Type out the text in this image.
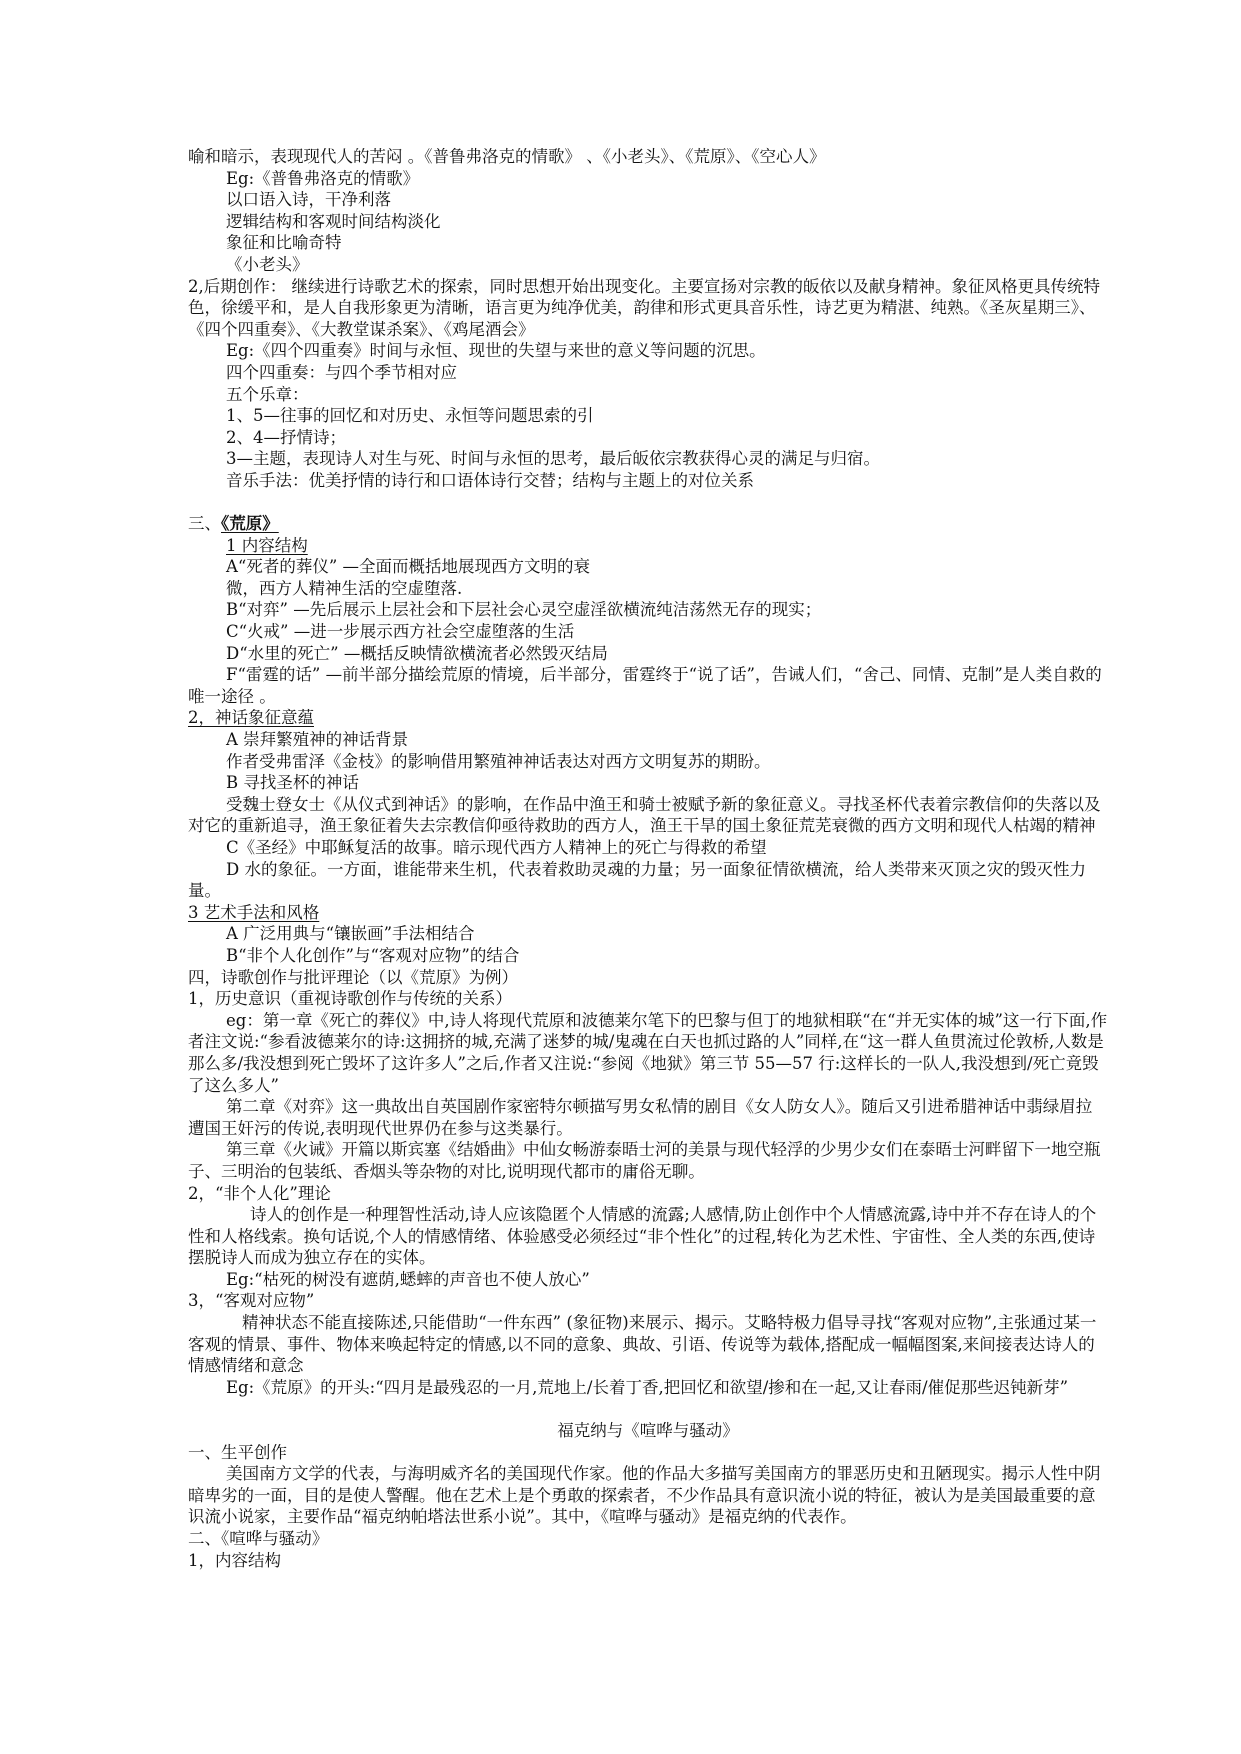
喻和暗示，表现现代人的苦闷 。《普鲁弗洛克的情歌》 、《小老头》、《荒原》、《空心人》

Eg:《普鲁弗洛克的情歌》

以口语入诗，干净利落

逻辑结构和客观时间结构淡化

象征和比喻奇特

《小老头》

2,后期创作： 继续进行诗歌艺术的探索，同时思想开始出现变化。主要宣扬对宗教的皈依以及献身精神。象征风格更具传统特色，徐缓平和，是人自我形象更为清晰，语言更为纯净优美，韵律和形式更具音乐性，诗艺更为精湛、纯熟。《圣灰星期三》、《四个四重奏》、《大教堂谋杀案》、《鸡尾酒会》

Eg:《四个四重奏》时间与永恒、现世的失望与来世的意义等问题的沉思。

四个四重奏：与四个季节相对应

五个乐章：

1、5—往事的回忆和对历史、永恒等问题思索的引

2、4—抒情诗；

3—主题，表现诗人对生与死、时间与永恒的思考，最后皈依宗教获得心灵的满足与归宿。

音乐手法：优美抒情的诗行和口语体诗行交替；结构与主题上的对位关系

三、《荒原》

1 内容结构

A“死者的葬仪” —全面而概括地展现西方文明的衰

微，西方人精神生活的空虚堕落.

B“对弈” —先后展示上层社会和下层社会心灵空虚淫欲横流纯洁荡然无存的现实；

C“火戒” —进一步展示西方社会空虚堕落的生活

D“水里的死亡” —概括反映情欲横流者必然毁灭结局

F“雷霆的话” —前半部分描绘荒原的情境，后半部分，雷霆终于“说了话”，告诫人们，“舍己、同情、克制”是人类自救的唯一途径 。

2，神话象征意蕴

A 崇拜繁殖神的神话背景

作者受弗雷泽《金枝》的影响借用繁殖神神话表达对西方文明复苏的期盼。

B 寻找圣杯的神话

受魏士登女士《从仪式到神话》的影响，在作品中渔王和骑士被赋予新的象征意义。寻找圣杯代表着宗教信仰的失落以及对它的重新追寻，渔王象征着失去宗教信仰亟待救助的西方人，渔王干旱的国土象征荒芜衰微的西方文明和现代人枯竭的精神

C《圣经》中耶稣复活的故事。暗示现代西方人精神上的死亡与得救的希望

D 水的象征。一方面，谁能带来生机，代表着救助灵魂的力量；另一面象征情欲横流，给人类带来灭顶之灾的毁灭性力量。

3 艺术手法和风格

A 广泛用典与“镶嵌画”手法相结合

B“非个人化创作”与“客观对应物”的结合

四，诗歌创作与批评理论（以《荒原》为例）

1，历史意识（重视诗歌创作与传统的关系）

eg：第一章《死亡的葬仪》中,诗人将现代荒原和波德莱尔笔下的巴黎与但丁的地狱相联“在“并无实体的城”这一行下面,作者注文说:“参看波德莱尔的诗:这拥挤的城,充满了迷梦的城/鬼魂在白天也抓过路的人”同样,在“这一群人鱼贯流过伦敦桥,人数是那么多/我没想到死亡毁坏了这许多人”之后,作者又注说:“参阅《地狱》第三节 55—57 行:这样长的一队人,我没想到/死亡竟毁了这么多人”

第二章《对弈》这一典故出自英国剧作家密特尔顿描写男女私情的剧目《女人防女人》。随后又引进希腊神话中翡绿眉拉遭国王奸污的传说,表明现代世界仍在参与这类暴行。

第三章《火诫》开篇以斯宾塞《结婚曲》中仙女畅游泰晤士河的美景与现代轻浮的少男少女们在泰晤士河畔留下一地空瓶子、三明治的包装纸、香烟头等杂物的对比,说明现代都市的庸俗无聊。

2，“非个人化”理论

诗人的创作是一种理智性活动,诗人应该隐匿个人情感的流露;人感情,防止创作中个人情感流露,诗中并不存在诗人的个性和人格线索。换句话说,个人的情感情绪、体验感受必须经过“非个性化”的过程,转化为艺术性、宇宙性、全人类的东西,使诗摆脱诗人而成为独立存在的实体。

Eg:“枯死的树没有遮荫,蟋蟀的声音也不使人放心”

3，“客观对应物”

精神状态不能直接陈述,只能借助“一件东西” (象征物)来展示、揭示。艾略特极力倡导寻找“客观对应物”,主张通过某一客观的情景、事件、物体来唤起特定的情感,以不同的意象、典故、引语、传说等为载体,搭配成一幅幅图案,来间接表达诗人的情感情绪和意念

Eg:《荒原》的开头:“四月是最残忍的一月,荒地上/长着丁香,把回忆和欲望/掺和在一起,又让春雨/催促那些迟钝新芽”

福克纳与《喧哗与骚动》

一、生平创作

美国南方文学的代表，与海明威齐名的美国现代作家。他的作品大多描写美国南方的罪恶历史和丑陋现实。揭示人性中阴暗卑劣的一面，目的是使人警醒。他在艺术上是个勇敢的探索者，不少作品具有意识流小说的特征，被认为是美国最重要的意识流小说家，主要作品“福克纳帕塔法世系小说”。其中，《喧哗与骚动》是福克纳的代表作。

二、《喧哗与骚动》

1，内容结构
